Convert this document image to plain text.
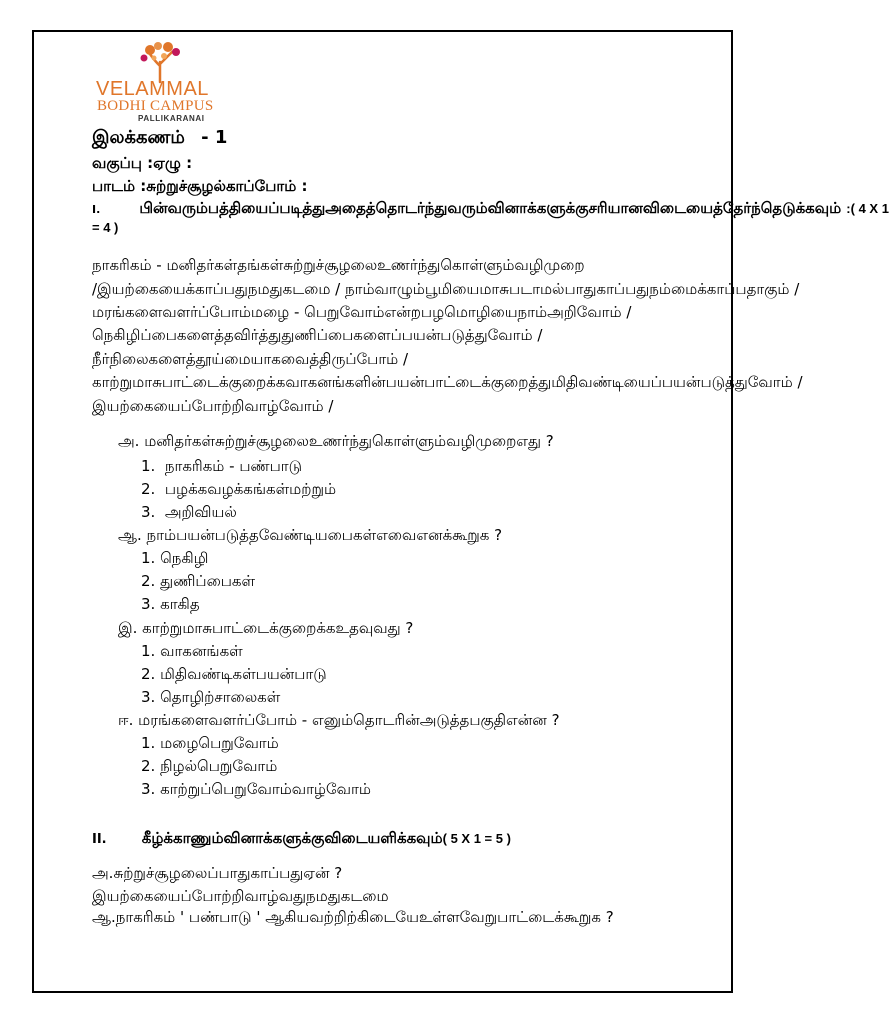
VELAMMAL
BODHI CAMPUS
PALLIKARANAI
இலக்கணம் - 1
வகுப்பு :ஏழு :
பாடம் :சுற்றுச்சூழல்காப்போம் :
I.	பின்வரும்பத்தியைப்படித்துஅதைத்தொடர்ந்துவரும்வினாக்களுக்குசரியானவிடையைத்தேர்ந்தெடுக்கவும் :( 4 X 1
= 4 )
நாகரிகம் - மனிதர்கள்தங்கள்சுற்றுச்சூழலைஉணர்ந்துகொள்ளும்வழிமுறை
/இயற்கையைக்காப்பதுநமதுகடமை / நாம்வாழும்பூமியைமாசுபடாமல்பாதுகாப்பதுநம்மைக்காப்பதாகும் /
மரங்களைவளர்ப்போம்மழை - பெறுவோம்என்றபழமொழியைநாம்அறிவோம் /
நெகிழிப்பைகளைத்தவிர்த்துதுணிப்பைகளைப்பயன்படுத்துவோம் /
நீர்நிலைகளைத்தூய்மையாகவைத்திருப்போம் /
காற்றுமாசுபாட்டைக்குறைக்கவாகனங்களின்பயன்பாட்டைக்குறைத்துமிதிவண்டியைப்பயன்படுத்துவோம் /
இயற்கையைப்போற்றிவாழ்வோம் /
அ. மனிதர்கள்சுற்றுச்சூழலைஉணர்ந்துகொள்ளும்வழிமுறைஎது ?
1.  நாகரிகம் - பண்பாடு
2.  பழக்கவழக்கங்கள்மற்றும்
3.  அறிவியல்
ஆ. நாம்பயன்படுத்தவேண்டியபைகள்எவைஎனக்கூறுக ?
1. நெகிழி
2. துணிப்பைகள்
3. காகித
இ. காற்றுமாசுபாட்டைக்குறைக்கஉதவுவது ?
1. வாகனங்கள்
2. மிதிவண்டிகள்பயன்பாடு
3. தொழிற்சாலைகள்
ஈ. மரங்களைவளர்ப்போம் - எனும்தொடரின்அடுத்தபகுதிஎன்ன ?
1. மழைபெறுவோம்
2. நிழல்பெறுவோம்
3. காற்றுப்பெறுவோம்வாழ்வோம்
II. கீழ்க்காணும்வினாக்களுக்குவிடையளிக்கவும்( 5 X 1 = 5 )
அ.சுற்றுச்சூழலைப்பாதுகாப்பதுஏன் ?
இயற்கையைப்போற்றிவாழ்வதுநமதுகடமை
ஆ.நாகரிகம் ' பண்பாடு ' ஆகியவற்றிற்கிடையேஉள்ளவேறுபாட்டைக்கூறுக ?
